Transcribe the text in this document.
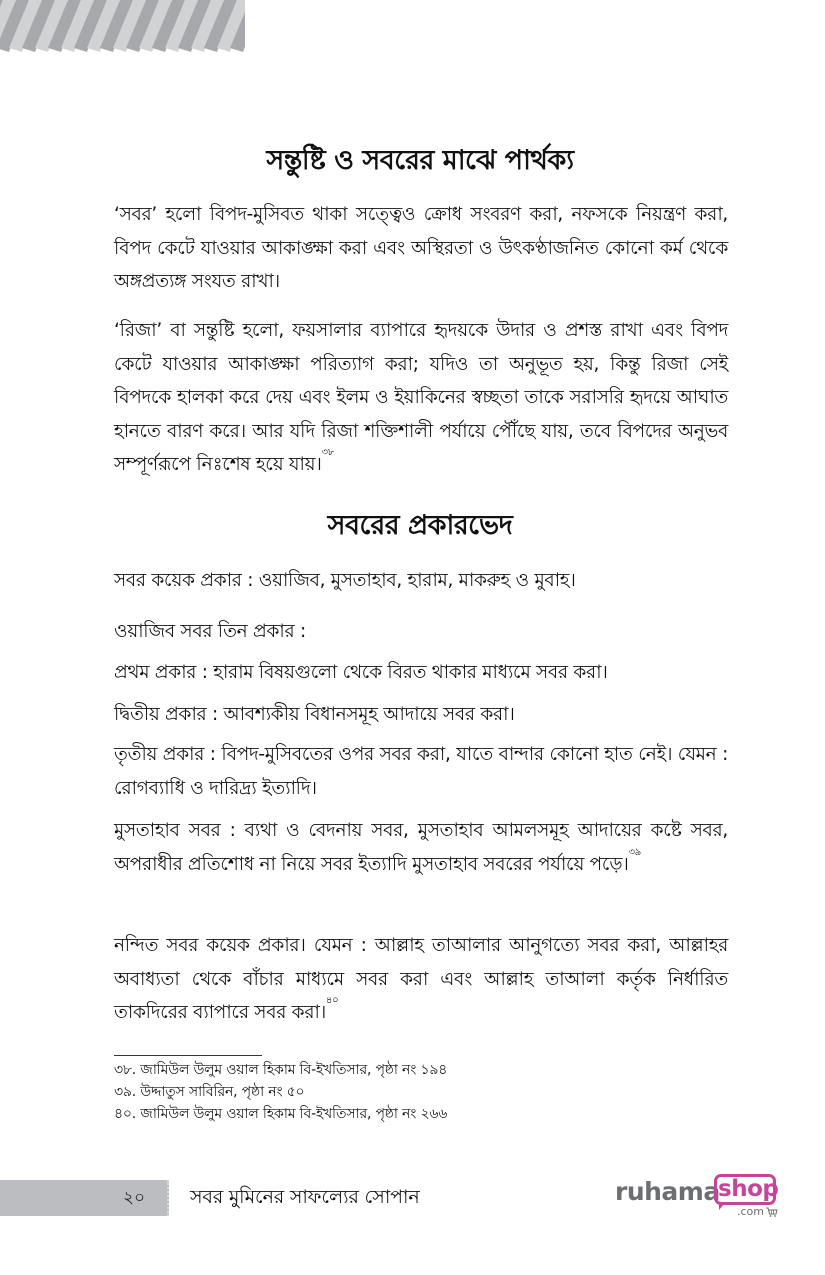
সন্তুষ্টি ও সবরের মাঝে পার্থক্য
‘সবর’ হলো বিপদ-মুসিবত থাকা সত্ত্বেও ক্রোধ সংবরণ করা, নফসকে নিয়ন্ত্রণ করা, বিপদ কেটে যাওয়ার আকাঙ্ক্ষা করা এবং অস্থিরতা ও উৎকণ্ঠাজনিত কোনো কর্ম থেকে অঙ্গপ্রত্যঙ্গ সংযত রাখা।
‘রিজা’ বা সন্তুষ্টি হলো, ফয়সালার ব্যাপারে হৃদয়কে উদার ও প্রশস্ত রাখা এবং বিপদ কেটে যাওয়ার আকাঙ্ক্ষা পরিত্যাগ করা; যদিও তা অনুভূত হয়, কিন্তু রিজা সেই বিপদকে হালকা করে দেয় এবং ইলম ও ইয়াকিনের স্বচ্ছতা তাকে সরাসরি হৃদয়ে আঘাত হানতে বারণ করে। আর যদি রিজা শক্তিশালী পর্যায়ে পৌঁছে যায়, তবে বিপদের অনুভব সম্পূর্ণরূপে নিঃশেষ হয়ে যায়।$^{৩৮}$
সবরের প্রকারভেদ
সবর কয়েক প্রকার : ওয়াজিব, মুসতাহাব, হারাম, মাকরুহ ও মুবাহ।
ওয়াজিব সবর তিন প্রকার :
প্রথম প্রকার : হারাম বিষয়গুলো থেকে বিরত থাকার মাধ্যমে সবর করা।
দ্বিতীয় প্রকার : আবশ্যকীয় বিধানসমূহ আদায়ে সবর করা।
তৃতীয় প্রকার : বিপদ-মুসিবতের ওপর সবর করা, যাতে বান্দার কোনো হাত নেই। যেমন : রোগব্যাধি ও দারিদ্র্য ইত্যাদি।
মুসতাহাব সবর : ব্যথা ও বেদনায় সবর, মুসতাহাব আমলসমূহ আদায়ের কষ্টে সবর, অপরাধীর প্রতিশোধ না নিয়ে সবর ইত্যাদি মুসতাহাব সবরের পর্যায়ে পড়ে।$^{৩৯}$
নন্দিত সবর কয়েক প্রকার। যেমন : আল্লাহ তাআলার আনুগত্যে সবর করা, আল্লাহর অবাধ্যতা থেকে বাঁচার মাধ্যমে সবর করা এবং আল্লাহ তাআলা কর্তৃক নির্ধারিত তাকদিরের ব্যাপারে সবর করা।$^{৪০}$
৩৮. জামিউল উলুম ওয়াল হিকাম বি-ইখতিসার, পৃষ্ঠা নং ১৯৪
৩৯. উদ্দাতুস সাবিরিন, পৃষ্ঠা নং ৫০
৪০. জামিউল উলুম ওয়াল হিকাম বি-ইখতিসার, পৃষ্ঠা নং ২৬৬
২০	সবর মুমিনের সাফল্যের সোপান	ruhama
shop
.com
